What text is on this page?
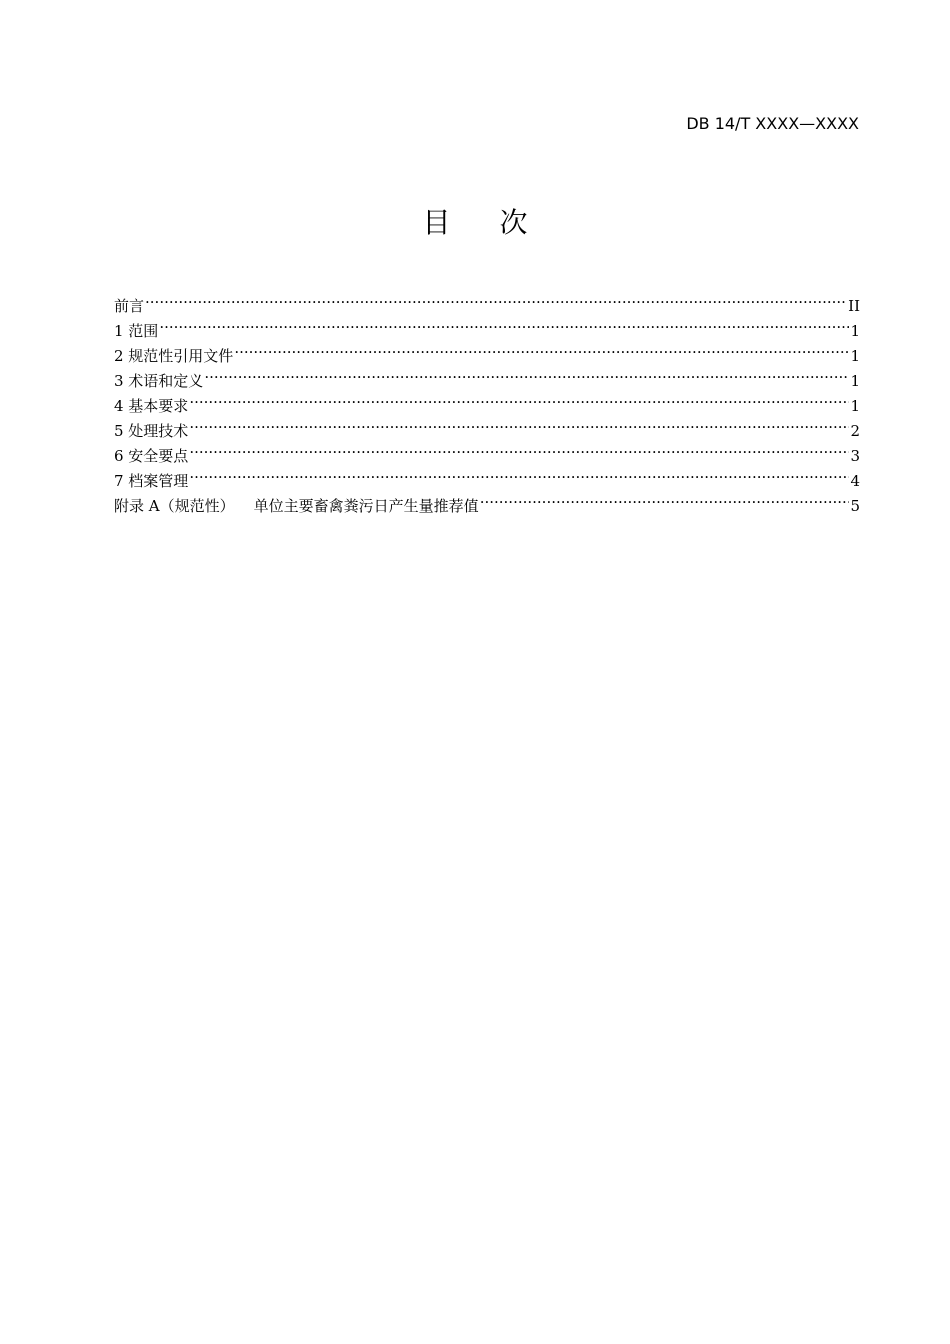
DB 14/T XXXX—XXXX
目 次
前言 .....	II
1 范围 .....	1
2 规范性引用文件 .....	1
3 术语和定义 .....	1
4 基本要求 .....	1
5 处理技术 .....	2
6 安全要点 .....	3
7 档案管理 .....	4
附录 A（规范性）    单位主要畜禽粪污日产生量推荐值 .....	5
